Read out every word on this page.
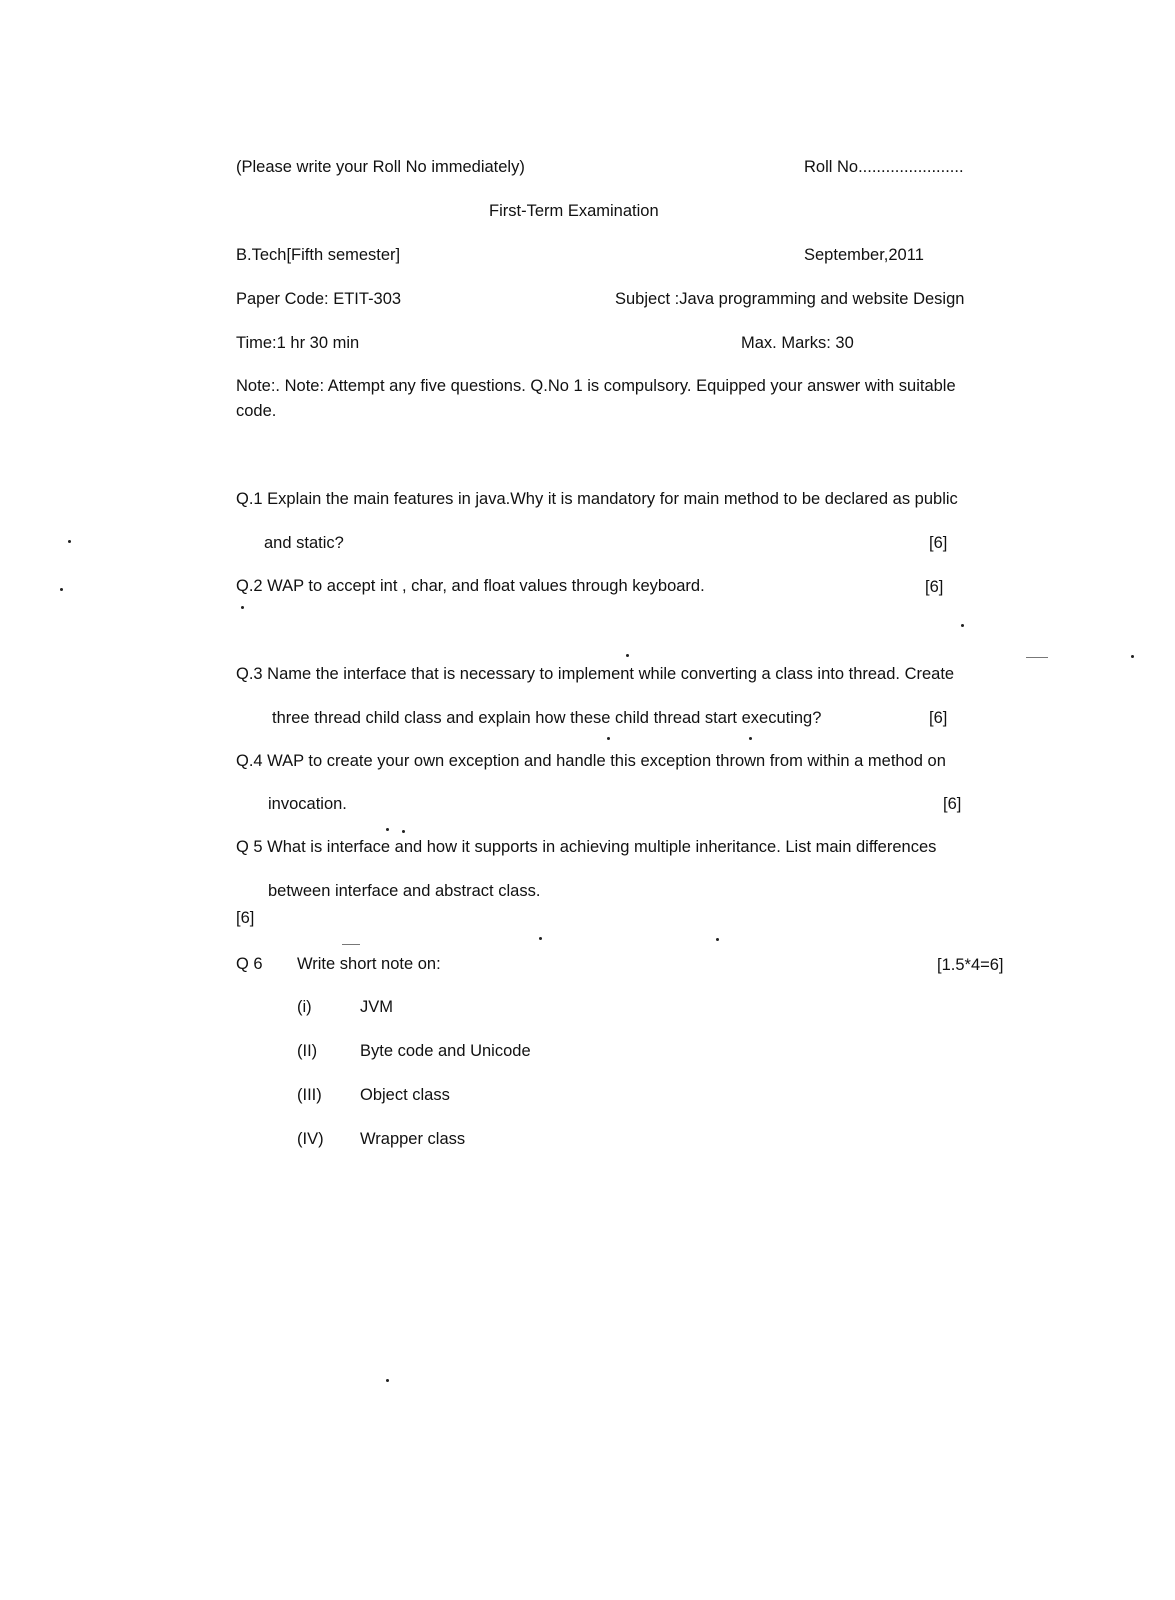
(Please write your Roll No immediately)	Roll No.......................
First-Term Examination
B.Tech[Fifth semester]	September,2011
Paper Code: ETIT-303	Subject :Java programming and website Design
Time:1 hr 30 min	Max. Marks: 30
Note:. Note: Attempt any five questions. Q.No 1 is compulsory. Equipped your answer with suitable
code.
Q.1 Explain the main features in java.Why it is mandatory for main method to be declared as public
and static?	[6]
Q.2 WAP to accept int , char, and float values through keyboard.	[6]
Q.3 Name the interface that is necessary to implement while converting a class into thread. Create
three thread child class and explain how these child thread start executing?	[6]
Q.4 WAP to create your own exception and handle this exception thrown from within a method on
invocation.	[6]
Q 5 What is interface and how it supports in achieving multiple inheritance. List main differences
between interface and abstract class.
[6]
Q 6 Write short note on:	[1.5*4=6]
(i)	JVM
(II)	Byte code and Unicode
(III) Object class
(IV) Wrapper class
